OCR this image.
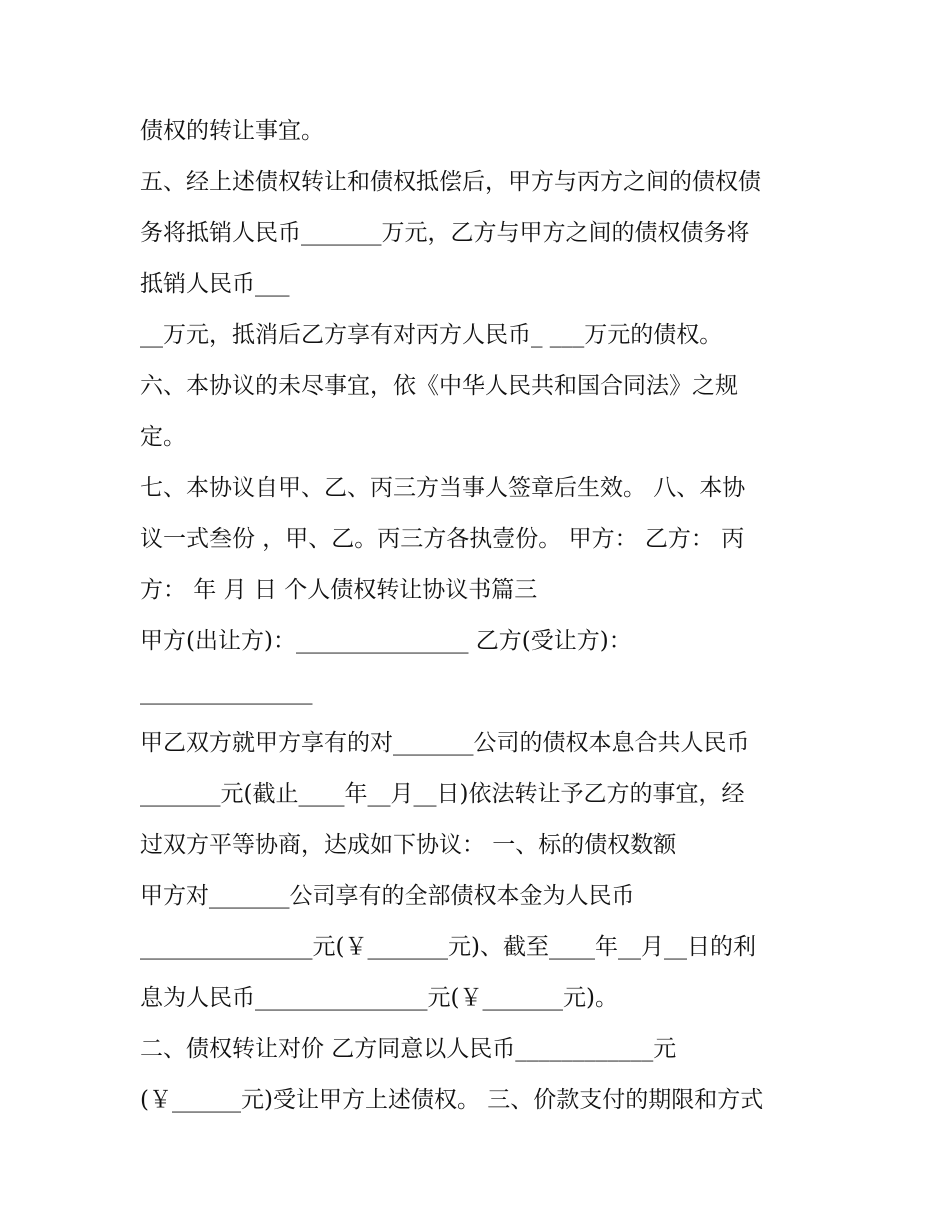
债权的转让事宜。
五、经上述债权转让和债权抵偿后，甲方与丙方之间的债权债
务将抵销人民币_______万元，乙方与甲方之间的债权债务将
抵销人民币___
__万元，抵消后乙方享有对丙方人民币_ ___万元的债权。
六、本协议的未尽事宜，依《中华人民共和国合同法》之规
定。
七、本协议自甲、乙、丙三方当事人签章后生效。 八、本协
议一式叁份 ，甲、乙。丙三方各执壹份。 甲方： 乙方： 丙
方： 年 月 日 个人债权转让协议书篇三
甲方(出让方)：_______________ 乙方(受让方)：
_______________
甲乙双方就甲方享有的对_______公司的债权本息合共人民币
_______元(截止____年__月__日)依法转让予乙方的事宜，经
过双方平等协商，达成如下协议： 一、标的债权数额
甲方对_______公司享有的全部债权本金为人民币
_______________元(￥_______元)、截至____年__月__日的利
息为人民币_______________元(￥_______元)。
二、债权转让对价 乙方同意以人民币____________元
(￥______元)受让甲方上述债权。 三、价款支付的期限和方式
